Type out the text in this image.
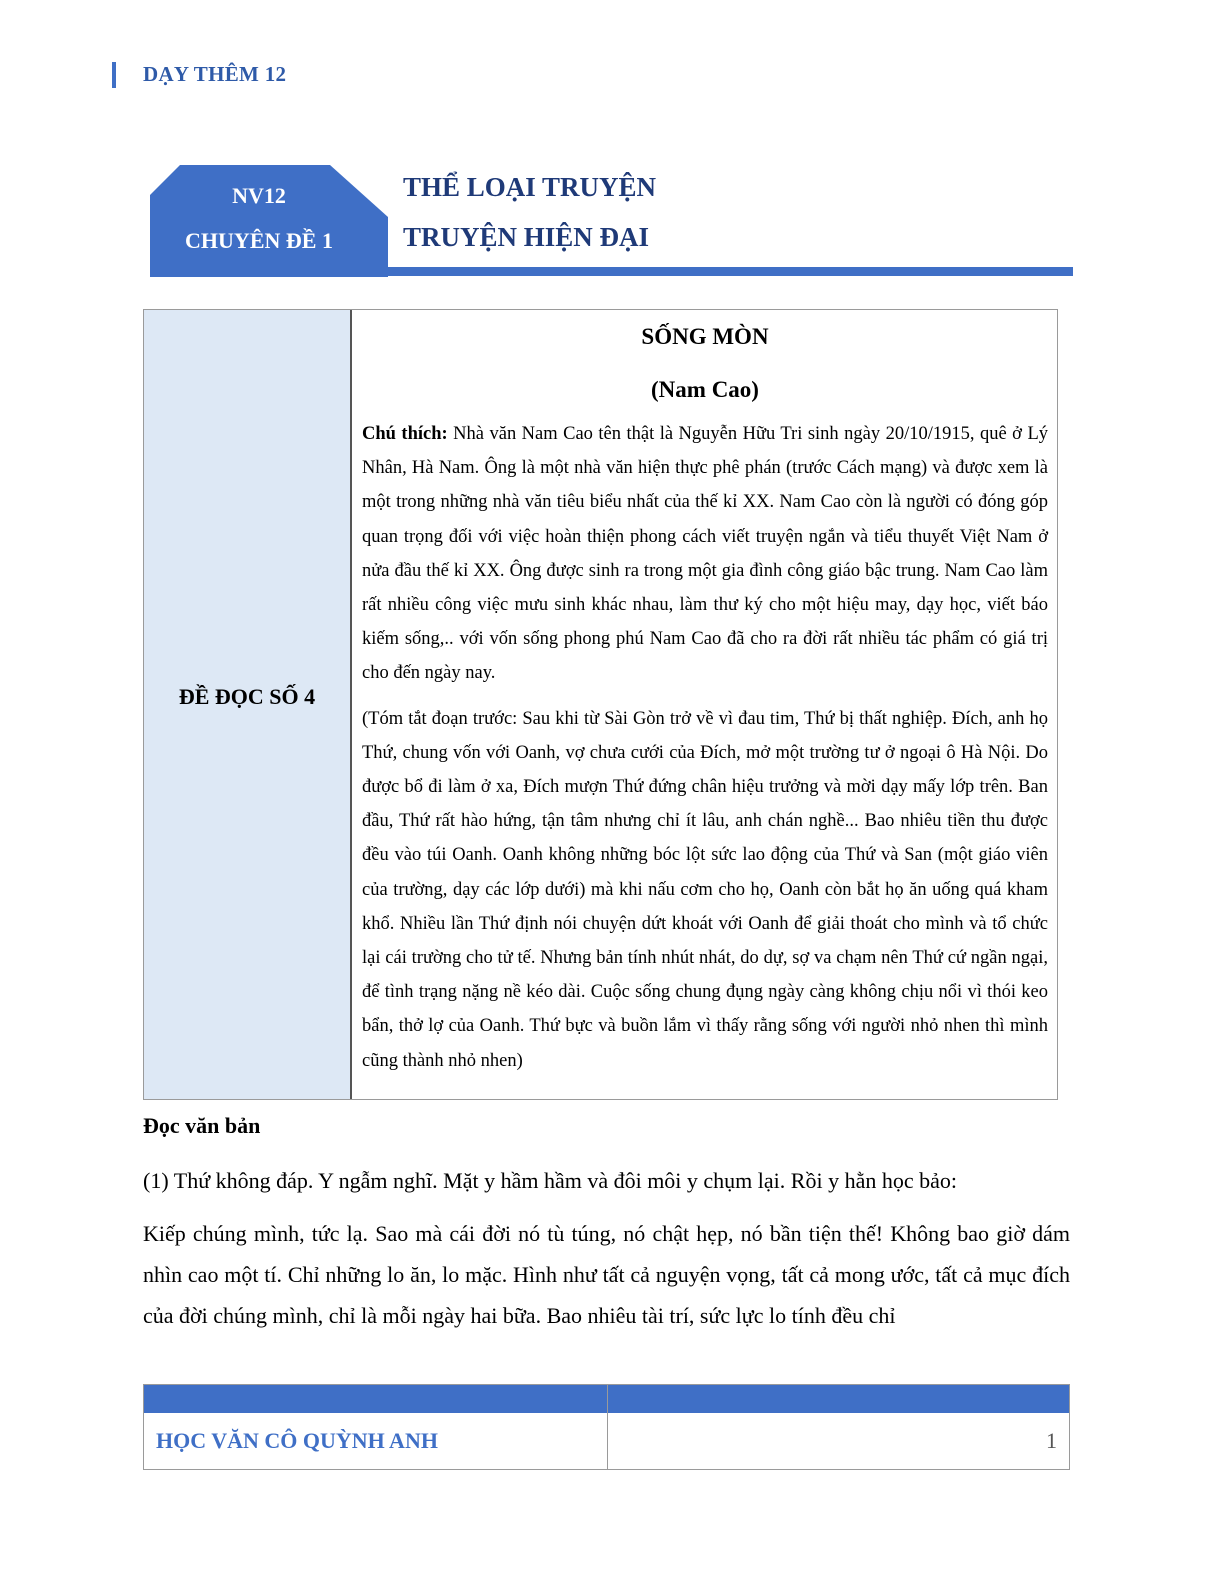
DẠY THÊM 12
NV12
CHUYÊN ĐỀ 1
THỂ LOẠI TRUYỆN
TRUYỆN HIỆN ĐẠI
ĐỀ ĐỌC SỐ 4
SỐNG MÒN
(Nam Cao)
Chú thích: Nhà văn Nam Cao tên thật là Nguyễn Hữu Tri sinh ngày 20/10/1915, quê ở Lý Nhân, Hà Nam. Ông là một nhà văn hiện thực phê phán (trước Cách mạng) và được xem là một trong những nhà văn tiêu biểu nhất của thế kỉ XX. Nam Cao còn là người có đóng góp quan trọng đối với việc hoàn thiện phong cách viết truyện ngắn và tiểu thuyết Việt Nam ở nửa đầu thế kỉ XX. Ông được sinh ra trong một gia đình công giáo bậc trung. Nam Cao làm rất nhiều công việc mưu sinh khác nhau, làm thư ký cho một hiệu may, dạy học, viết báo kiếm sống,.. với vốn sống phong phú Nam Cao đã cho ra đời rất nhiều tác phẩm có giá trị cho đến ngày nay.
(Tóm tắt đoạn trước: Sau khi từ Sài Gòn trở về vì đau tim, Thứ bị thất nghiệp. Đích, anh họ Thứ, chung vốn với Oanh, vợ chưa cưới của Đích, mở một trường tư ở ngoại ô Hà Nội. Do được bổ đi làm ở xa, Đích mượn Thứ đứng chân hiệu trưởng và mời dạy mấy lớp trên. Ban đầu, Thứ rất hào hứng, tận tâm nhưng chỉ ít lâu, anh chán nghề... Bao nhiêu tiền thu được đều vào túi Oanh. Oanh không những bóc lột sức lao động của Thứ và San (một giáo viên của trường, dạy các lớp dưới) mà khi nấu cơm cho họ, Oanh còn bắt họ ăn uống quá kham khổ. Nhiều lần Thứ định nói chuyện dứt khoát với Oanh để giải thoát cho mình và tổ chức lại cái trường cho tử tế. Nhưng bản tính nhút nhát, do dự, sợ va chạm nên Thứ cứ ngần ngại, để tình trạng nặng nề kéo dài. Cuộc sống chung đụng ngày càng không chịu nổi vì thói keo bẩn, thở lợ của Oanh. Thứ bực và buồn lắm vì thấy rằng sống với người nhỏ nhen thì mình cũng thành nhỏ nhen)
Đọc văn bản
(1) Thứ không đáp. Y ngẫm nghĩ. Mặt y hầm hầm và đôi môi y chụm lại. Rồi y hằn học bảo:
Kiếp chúng mình, tức lạ. Sao mà cái đời nó tù túng, nó chật hẹp, nó bần tiện thế! Không bao giờ dám nhìn cao một tí. Chỉ những lo ăn, lo mặc. Hình như tất cả nguyện vọng, tất cả mong ước, tất cả mục đích của đời chúng mình, chỉ là mỗi ngày hai bữa. Bao nhiêu tài trí, sức lực lo tính đều chỉ
HỌC VĂN CÔ QUỲNH ANH	1
